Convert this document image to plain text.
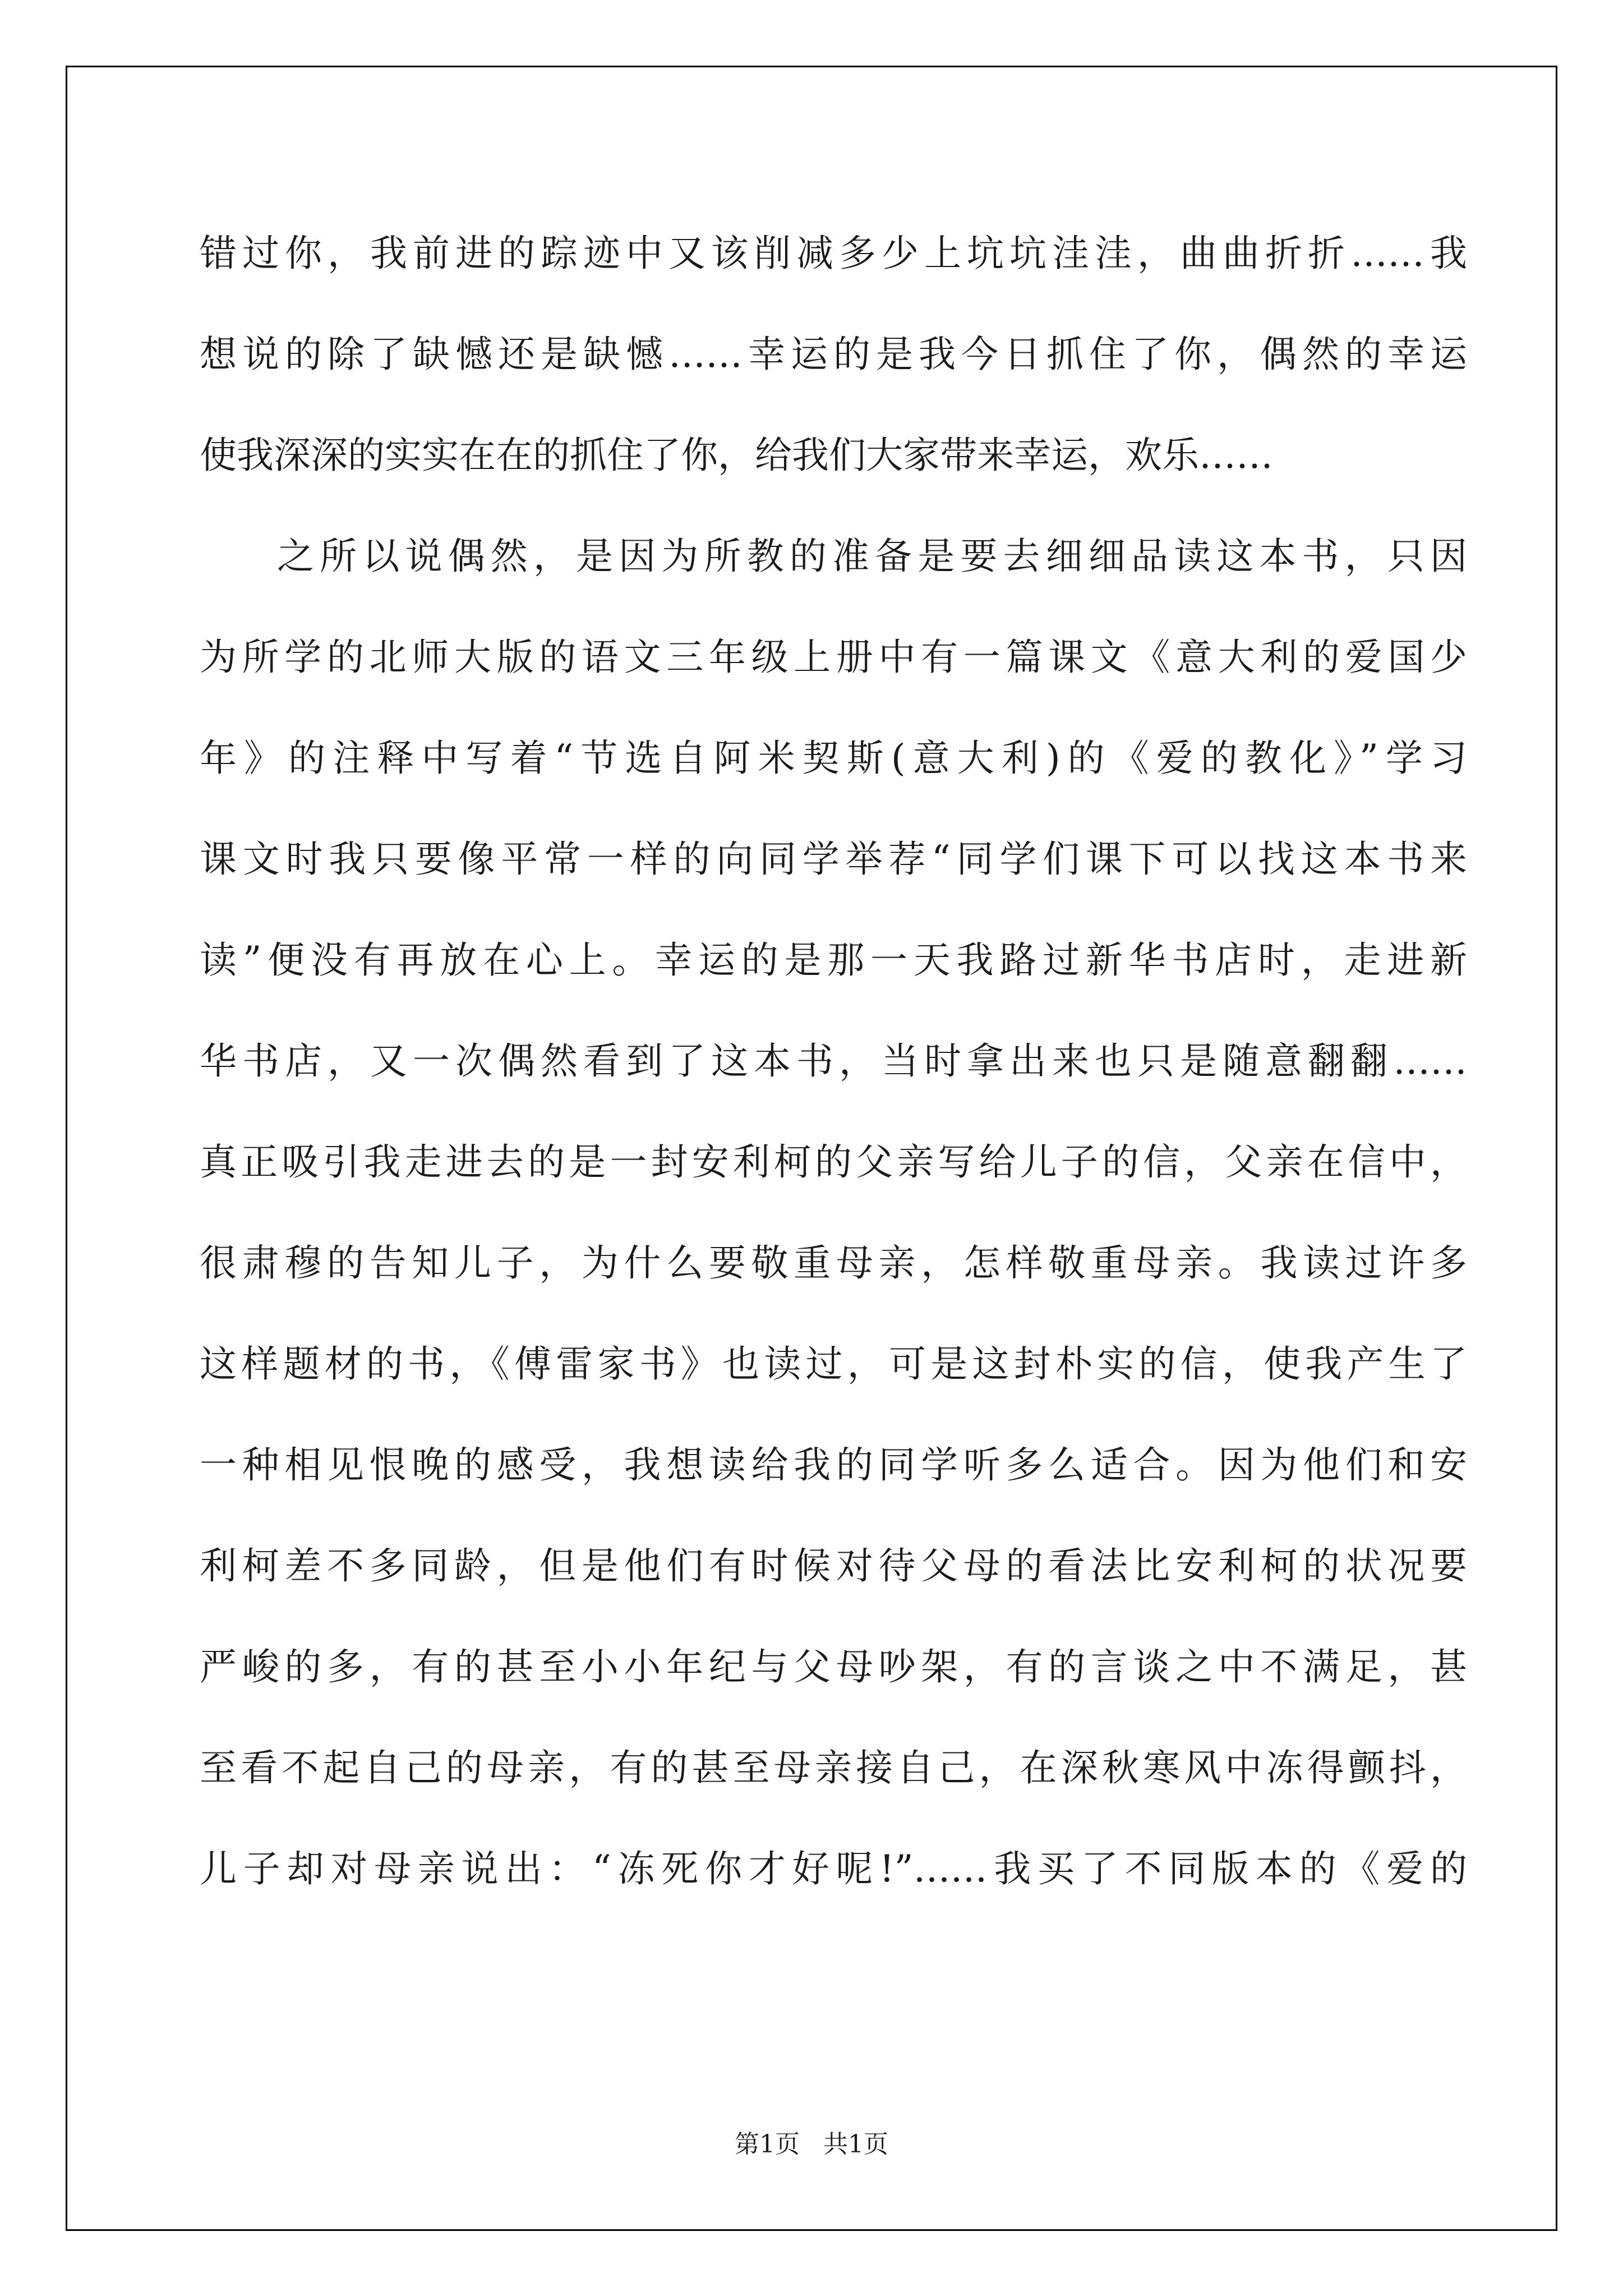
错过你，我前进的踪迹中又该削减多少上坑坑洼洼，曲曲折折……我
想说的除了缺憾还是缺憾……幸运的是我今日抓住了你，偶然的幸运
使我深深的实实在在的抓住了你，给我们大家带来幸运，欢乐……
之所以说偶然，是因为所教的准备是要去细细品读这本书，只因
为所学的北师大版的语文三年级上册中有一篇课文《意大利的爱国少
年》的注释中写着“节选自阿米契斯(意大利)的《爱的教化》”学习
课文时我只要像平常一样的向同学举荐“同学们课下可以找这本书来
读”便没有再放在心上。幸运的是那一天我路过新华书店时，走进新
华书店，又一次偶然看到了这本书，当时拿出来也只是随意翻翻……
真正吸引我走进去的是一封安利柯的父亲写给儿子的信，父亲在信中，
很肃穆的告知儿子，为什么要敬重母亲，怎样敬重母亲。我读过许多
这样题材的书，《傅雷家书》也读过，可是这封朴实的信，使我产生了
一种相见恨晚的感受，我想读给我的同学听多么适合。因为他们和安
利柯差不多同龄，但是他们有时候对待父母的看法比安利柯的状况要
严峻的多，有的甚至小小年纪与父母吵架，有的言谈之中不满足，甚
至看不起自己的母亲，有的甚至母亲接自己，在深秋寒风中冻得颤抖，
儿子却对母亲说出：“冻死你才好呢!”……我买了不同版本的《爱的
第1页   共1页
